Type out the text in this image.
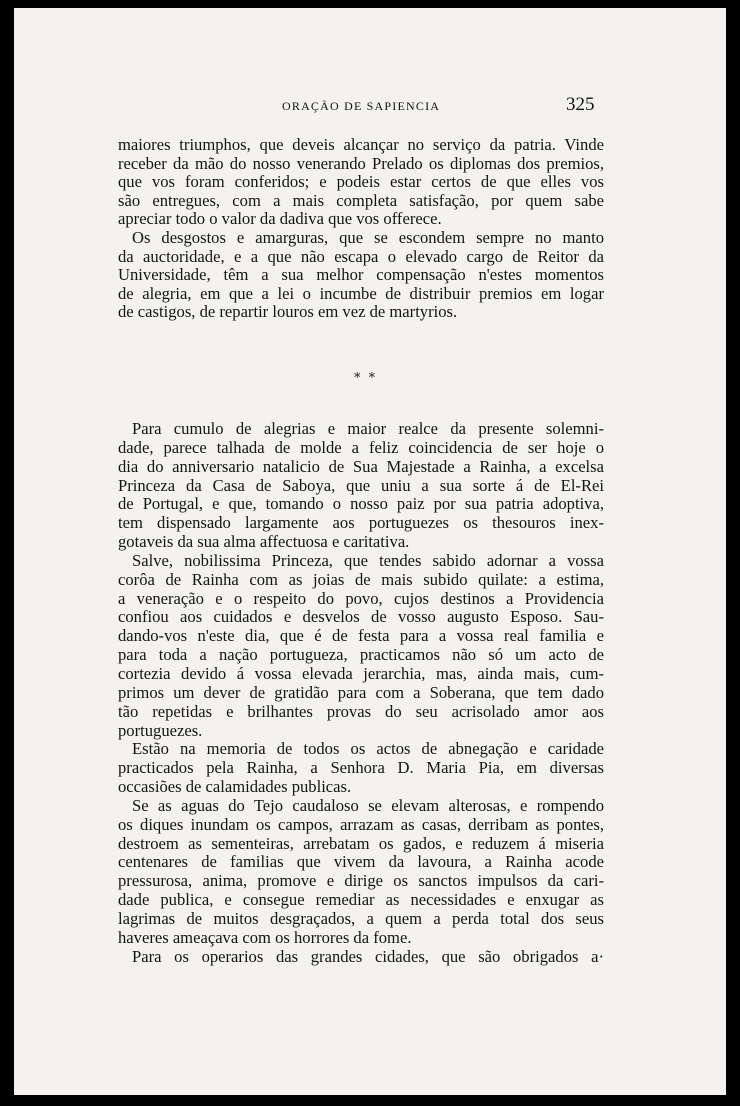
ORAÇÃO DE SAPIENCIA	325

maiores triumphos, que deveis alcançar no serviço da patria. Vinde

receber da mão do nosso venerando Prelado os diplomas dos premios,

que vos foram conferidos; e podeis estar certos de que elles vos

são entregues, com a mais completa satisfação, por quem sabe

apreciar todo o valor da dadiva que vos offerece.

Os desgostos e amarguras, que se escondem sempre no manto

da auctoridade, e a que não escapa o elevado cargo de Reitor da

Universidade, têm a sua melhor compensação n'estes momentos

de alegria, em que a lei o incumbe de distribuir premios em logar

de castigos, de repartir louros em vez de martyrios.

* *

Para cumulo de alegrias e maior realce da presente solemni-

dade, parece talhada de molde a feliz coincidencia de ser hoje o

dia do anniversario natalicio de Sua Majestade a Rainha, a excelsa

Princeza da Casa de Saboya, que uniu a sua sorte á de El-Rei

de Portugal, e que, tomando o nosso paiz por sua patria adoptiva,

tem dispensado largamente aos portuguezes os thesouros inex-

gotaveis da sua alma affectuosa e caritativa.

Salve, nobilissima Princeza, que tendes sabido adornar a vossa

corôa de Rainha com as joias de mais subido quilate: a estima,

a veneração e o respeito do povo, cujos destinos a Providencia

confiou aos cuidados e desvelos de vosso augusto Esposo. Sau-

dando-vos n'este dia, que é de festa para a vossa real familia e

para toda a nação portugueza, practicamos não só um acto de

cortezia devido á vossa elevada jerarchia, mas, ainda mais, cum-

primos um dever de gratidão para com a Soberana, que tem dado

tão repetidas e brilhantes provas do seu acrisolado amor aos

portuguezes.

Estão na memoria de todos os actos de abnegação e caridade

practicados pela Rainha, a Senhora D. Maria Pia, em diversas

occasiões de calamidades publicas.

Se as aguas do Tejo caudaloso se elevam alterosas, e rompendo

os diques inundam os campos, arrazam as casas, derribam as pontes,

destroem as sementeiras, arrebatam os gados, e reduzem á miseria

centenares de familias que vivem da lavoura, a Rainha acode

pressurosa, anima, promove e dirige os sanctos impulsos da cari-

dade publica, e consegue remediar as necessidades e enxugar as

lagrimas de muitos desgraçados, a quem a perda total dos seus

haveres ameaçava com os horrores da fome.

Para os operarios das grandes cidades, que são obrigados a·
